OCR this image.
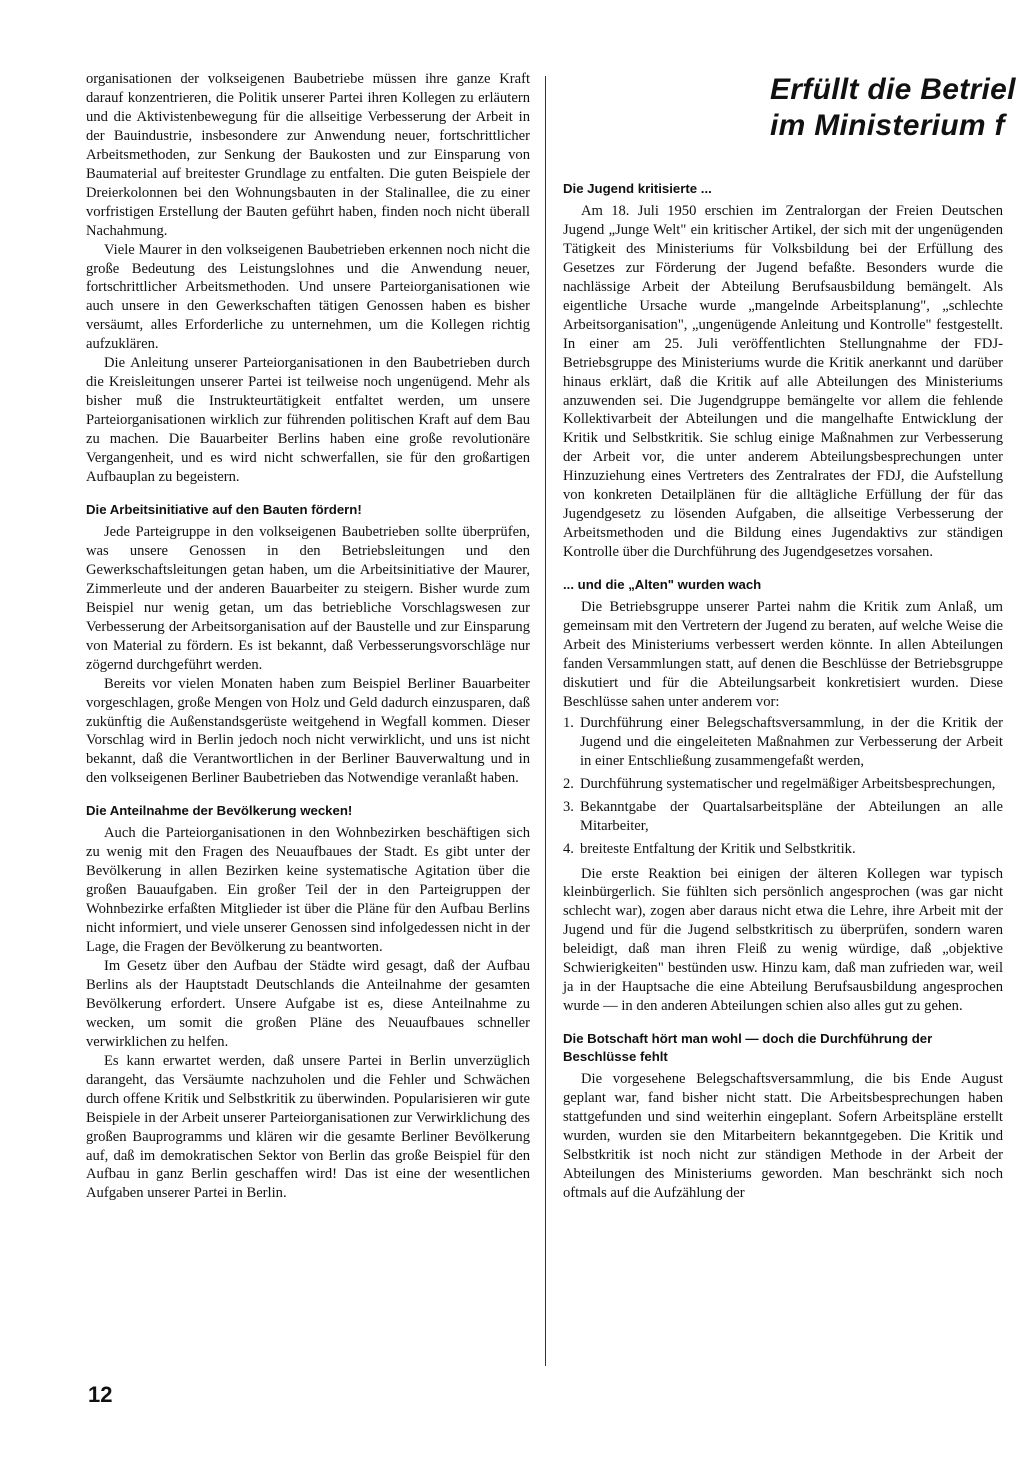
Erfüllt die Betriel
im Ministerium f

organisationen der volkseigenen Baubetriebe müssen ihre ganze Kraft darauf konzentrieren, die Politik unserer Partei ihren Kollegen zu erläutern und die Aktivistenbewegung für die allseitige Verbesserung der Arbeit in der Bauindustrie, insbesondere zur Anwendung neuer, fortschrittlicher Arbeitsmethoden, zur Senkung der Baukosten und zur Einsparung von Baumaterial auf breitester Grundlage zu entfalten. Die guten Beispiele der Dreierkolonnen bei den Wohnungsbauten in der Stalinallee, die zu einer vorfristigen Erstellung der Bauten geführt haben, finden noch nicht überall Nachahmung.

Viele Maurer in den volkseigenen Baubetrieben erkennen noch nicht die große Bedeutung des Leistungslohnes und die Anwendung neuer, fortschrittlicher Arbeitsmethoden. Und unsere Parteiorganisationen wie auch unsere in den Gewerkschaften tätigen Genossen haben es bisher versäumt, alles Erforderliche zu unternehmen, um die Kollegen richtig aufzuklären.

Die Anleitung unserer Parteiorganisationen in den Baubetrieben durch die Kreisleitungen unserer Partei ist teilweise noch ungenügend. Mehr als bisher muß die Instrukteurtätigkeit entfaltet werden, um unsere Parteiorganisationen wirklich zur führenden politischen Kraft auf dem Bau zu machen. Die Bauarbeiter Berlins haben eine große revolutionäre Vergangenheit, und es wird nicht schwerfallen, sie für den großartigen Aufbauplan zu begeistern.

Die Arbeitsinitiative auf den Bauten fördern!

Jede Parteigruppe in den volkseigenen Baubetrieben sollte überprüfen, was unsere Genossen in den Betriebsleitungen und den Gewerkschaftsleitungen getan haben, um die Arbeitsinitiative der Maurer, Zimmerleute und der anderen Bauarbeiter zu steigern. Bisher wurde zum Beispiel nur wenig getan, um das betriebliche Vorschlagswesen zur Verbesserung der Arbeitsorganisation auf der Baustelle und zur Einsparung von Material zu fördern. Es ist bekannt, daß Verbesserungsvorschläge nur zögernd durchgeführt werden.

Bereits vor vielen Monaten haben zum Beispiel Berliner Bauarbeiter vorgeschlagen, große Mengen von Holz und Geld dadurch einzusparen, daß zukünftig die Außenstandsgerüste weitgehend in Wegfall kommen. Dieser Vorschlag wird in Berlin jedoch noch nicht verwirklicht, und uns ist nicht bekannt, daß die Verantwortlichen in der Berliner Bauverwaltung und in den volkseigenen Berliner Baubetrieben das Notwendige veranlaßt haben.

Die Anteilnahme der Bevölkerung wecken!

Auch die Parteiorganisationen in den Wohnbezirken beschäftigen sich zu wenig mit den Fragen des Neuaufbaues der Stadt. Es gibt unter der Bevölkerung in allen Bezirken keine systematische Agitation über die großen Bauaufgaben. Ein großer Teil der in den Parteigruppen der Wohnbezirke erfaßten Mitglieder ist über die Pläne für den Aufbau Berlins nicht informiert, und viele unserer Genossen sind infolgedessen nicht in der Lage, die Fragen der Bevölkerung zu beantworten.

Im Gesetz über den Aufbau der Städte wird gesagt, daß der Aufbau Berlins als der Hauptstadt Deutschlands die Anteilnahme der gesamten Bevölkerung erfordert. Unsere Aufgabe ist es, diese Anteilnahme zu wecken, um somit die großen Pläne des Neuaufbaues schneller verwirklichen zu helfen.

Es kann erwartet werden, daß unsere Partei in Berlin unverzüglich darangeht, das Versäumte nachzuholen und die Fehler und Schwächen durch offene Kritik und Selbstkritik zu überwinden. Popularisieren wir gute Beispiele in der Arbeit unserer Parteiorganisationen zur Verwirklichung des großen Bauprogramms und klären wir die gesamte Berliner Bevölkerung auf, daß im demokratischen Sektor von Berlin das große Beispiel für den Aufbau in ganz Berlin geschaffen wird! Das ist eine der wesentlichen Aufgaben unserer Partei in Berlin.

Die Jugend kritisierte ...

Am 18. Juli 1950 erschien im Zentralorgan der Freien Deutschen Jugend „Junge Welt" ein kritischer Artikel, der sich mit der ungenügenden Tätigkeit des Ministeriums für Volksbildung bei der Erfüllung des Gesetzes zur Förderung der Jugend befaßte. Besonders wurde die nachlässige Arbeit der Abteilung Berufsausbildung bemängelt. Als eigentliche Ursache wurde „mangelnde Arbeitsplanung", „schlechte Arbeitsorganisation", „ungenügende Anleitung und Kontrolle" festgestellt. In einer am 25. Juli veröffentlichten Stellungnahme der FDJ-Betriebsgruppe des Ministeriums wurde die Kritik anerkannt und darüber hinaus erklärt, daß die Kritik auf alle Abteilungen des Ministeriums anzuwenden sei. Die Jugendgruppe bemängelte vor allem die fehlende Kollektivarbeit der Abteilungen und die mangelhafte Entwicklung der Kritik und Selbstkritik. Sie schlug einige Maßnahmen zur Verbesserung der Arbeit vor, die unter anderem Abteilungsbesprechungen unter Hinzuziehung eines Vertreters des Zentralrates der FDJ, die Aufstellung von konkreten Detailplänen für die alltägliche Erfüllung der für das Jugendgesetz zu lösenden Aufgaben, die allseitige Verbesserung der Arbeitsmethoden und die Bildung eines Jugendaktivs zur ständigen Kontrolle über die Durchführung des Jugendgesetzes vorsahen.

... und die „Alten" wurden wach

Die Betriebsgruppe unserer Partei nahm die Kritik zum Anlaß, um gemeinsam mit den Vertretern der Jugend zu beraten, auf welche Weise die Arbeit des Ministeriums verbessert werden könnte. In allen Abteilungen fanden Versammlungen statt, auf denen die Beschlüsse der Betriebsgruppe diskutiert und für die Abteilungsarbeit konkretisiert wurden. Diese Beschlüsse sahen unter anderem vor:

1. Durchführung einer Belegschaftsversammlung, in der die Kritik der Jugend und die eingeleiteten Maßnahmen zur Verbesserung der Arbeit in einer Entschließung zusammengefaßt werden,
2. Durchführung systematischer und regelmäßiger Arbeitsbesprechungen,
3. Bekanntgabe der Quartalsarbeitspläne der Abteilungen an alle Mitarbeiter,
4. breiteste Entfaltung der Kritik und Selbstkritik.

Die erste Reaktion bei einigen der älteren Kollegen war typisch kleinbürgerlich. Sie fühlten sich persönlich angesprochen (was gar nicht schlecht war), zogen aber daraus nicht etwa die Lehre, ihre Arbeit mit der Jugend und für die Jugend selbstkritisch zu überprüfen, sondern waren beleidigt, daß man ihren Fleiß zu wenig würdige, daß „objektive Schwierigkeiten" bestünden usw. Hinzu kam, daß man zufrieden war, weil ja in der Hauptsache die eine Abteilung Berufsausbildung angesprochen wurde — in den anderen Abteilungen schien also alles gut zu gehen.

Die Botschaft hört man wohl — doch die Durchführung der Beschlüsse fehlt

Die vorgesehene Belegschaftsversammlung, die bis Ende August geplant war, fand bisher nicht statt. Die Arbeitsbesprechungen haben stattgefunden und sind weiterhin eingeplant. Sofern Arbeitspläne erstellt wurden, wurden sie den Mitarbeitern bekanntgegeben. Die Kritik und Selbstkritik ist noch nicht zur ständigen Methode in der Arbeit der Abteilungen des Ministeriums geworden. Man beschränkt sich noch oftmals auf die Aufzählung der

12
